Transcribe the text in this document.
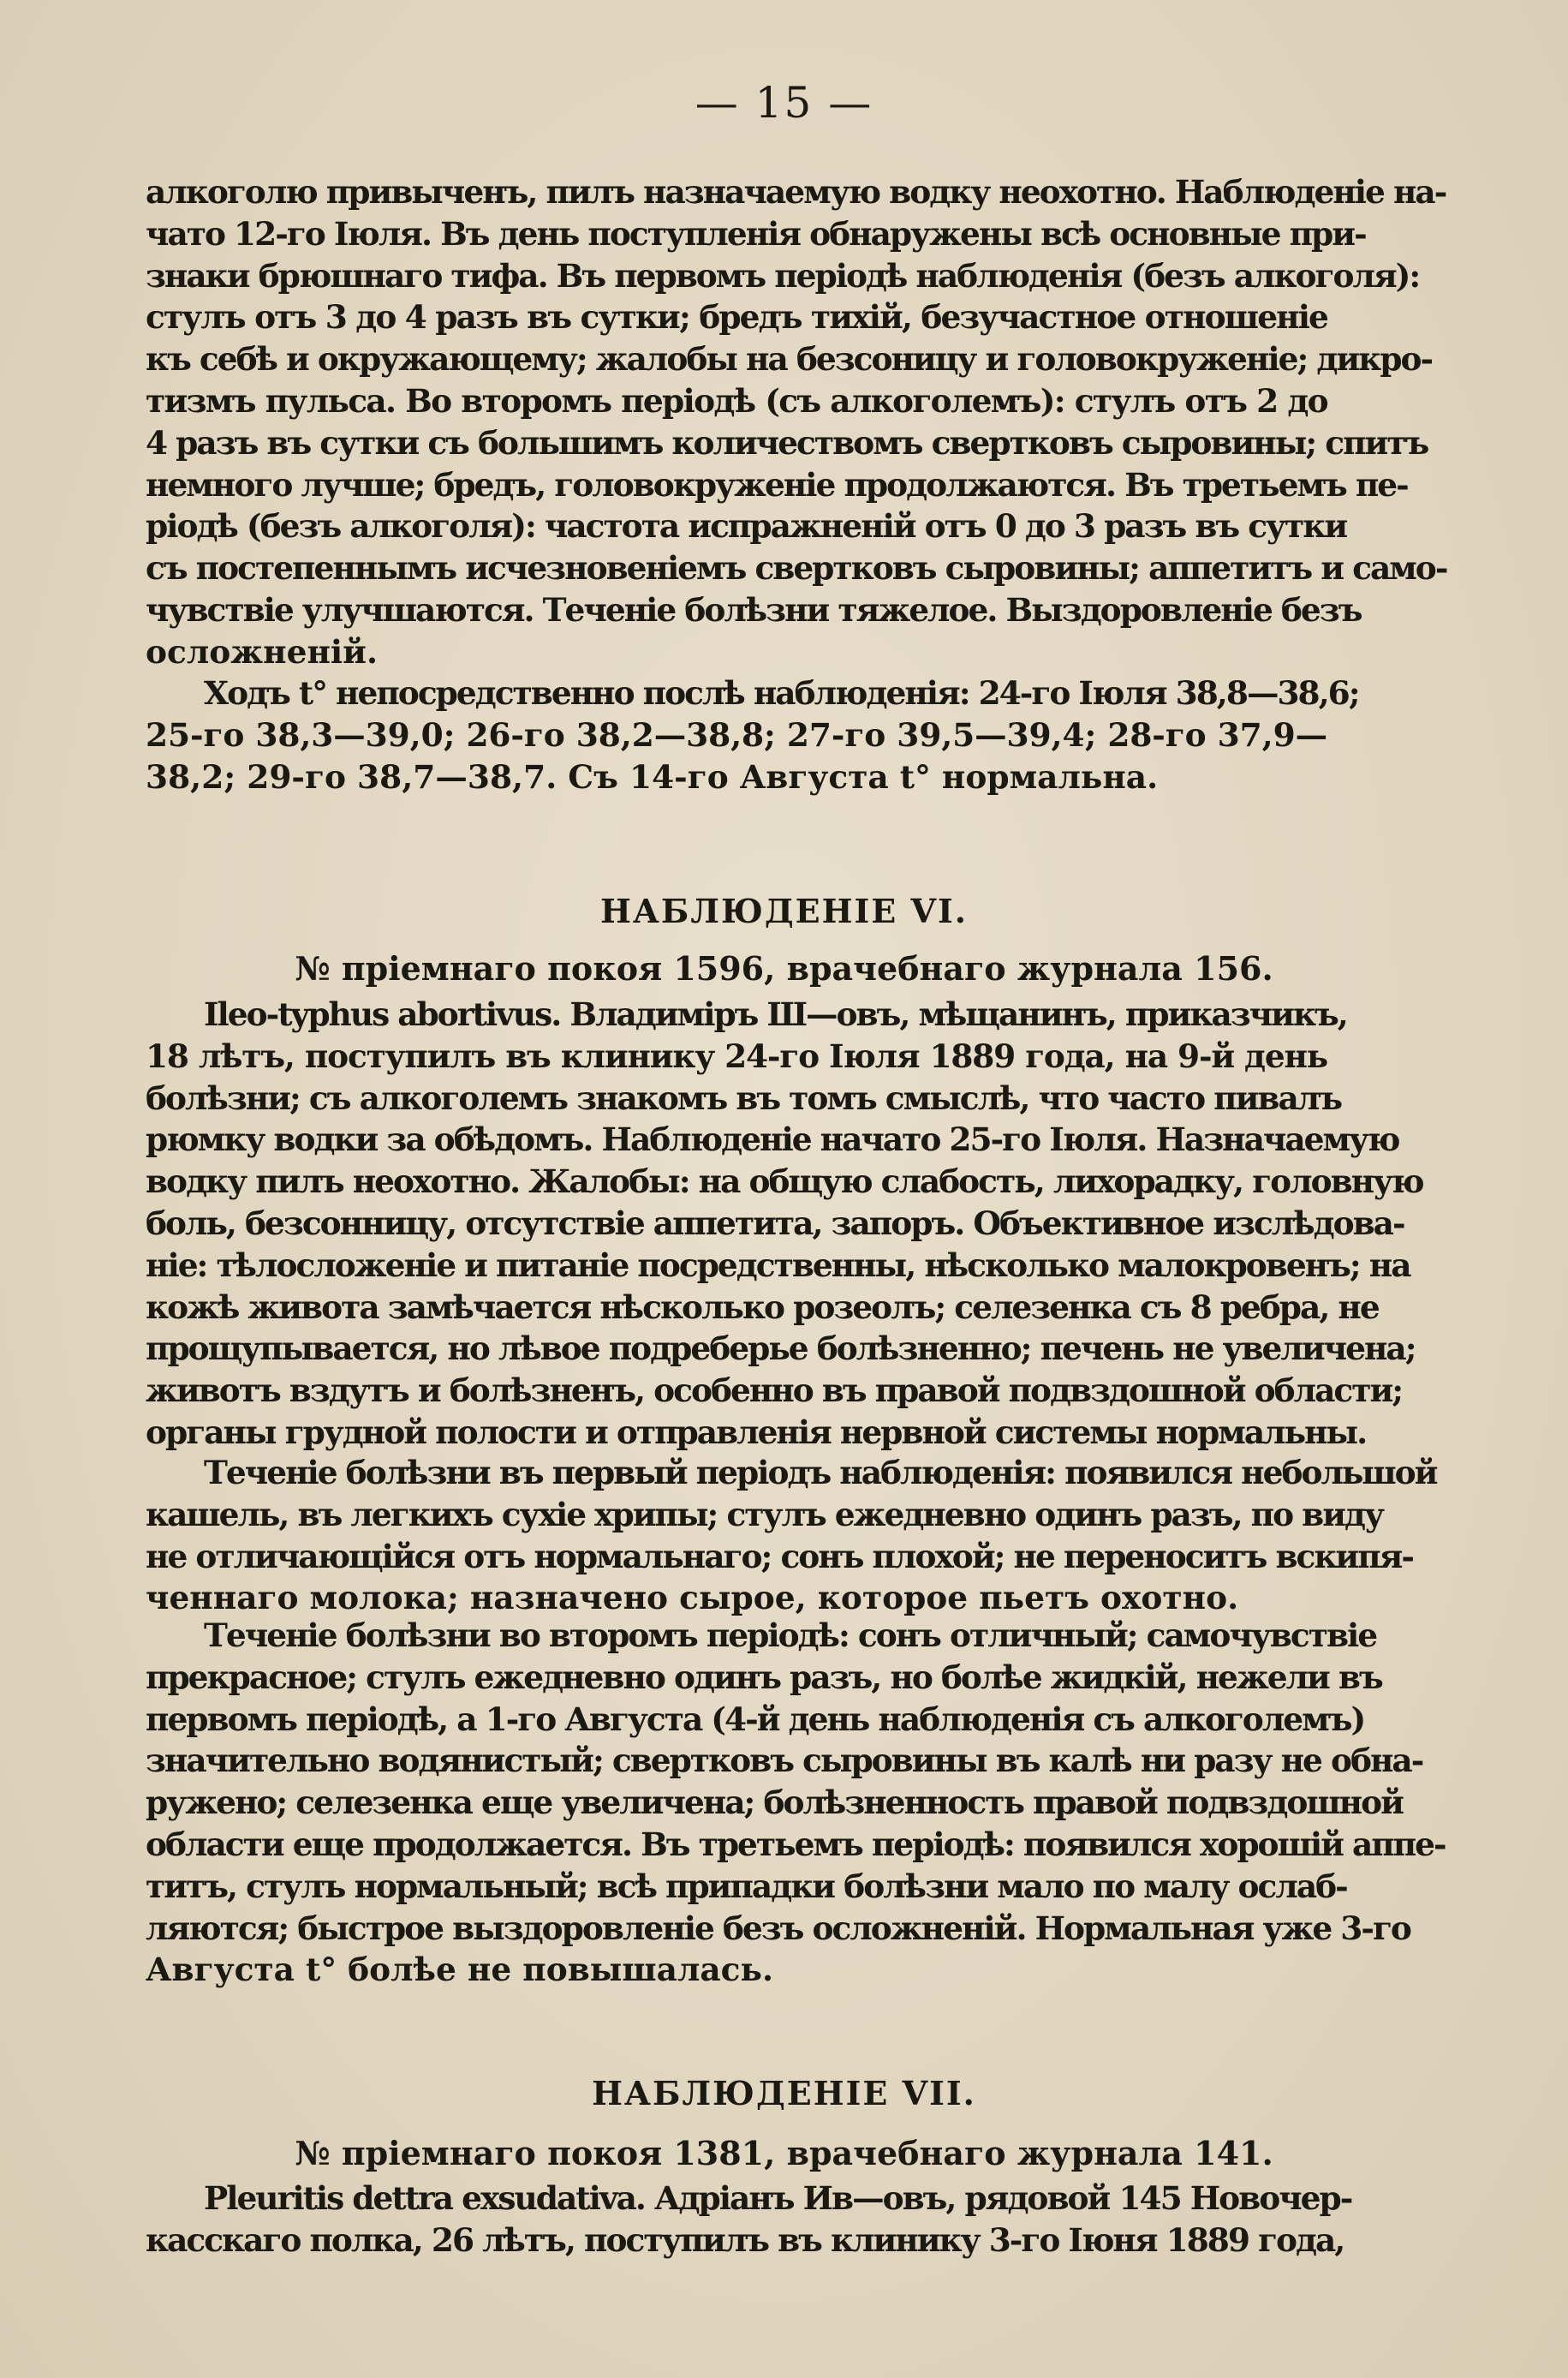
— 15 —
алкоголю привыченъ, пилъ назначаемую водку неохотно. Наблюденіе на-
чато 12-го Іюля. Въ день поступленія обнаружены всѣ основные при-
знаки брюшнаго тифа. Въ первомъ періодѣ наблюденія (безъ алкоголя):
стулъ отъ 3 до 4 разъ въ сутки; бредъ тихій, безучастное отношеніе
къ себѣ и окружающему; жалобы на безсоницу и головокруженіе; дикро-
тизмъ пульса. Во второмъ періодѣ (съ алкоголемъ): стулъ отъ 2 до
4 разъ въ сутки съ большимъ количествомъ свертковъ сыровины; спитъ
немного лучше; бредъ, головокруженіе продолжаются. Въ третьемъ пе-
ріодѣ (безъ алкоголя): частота испражненій отъ 0 до 3 разъ въ сутки
съ постепеннымъ исчезновеніемъ свертковъ сыровины; аппетитъ и само-
чувствіе улучшаются. Теченіе болѣзни тяжелое. Выздоровленіе безъ
осложненій.
Ходъ t° непосредственно послѣ наблюденія: 24-го Іюля 38,8—38,6;
25-го 38,3—39,0; 26-го 38,2—38,8; 27-го 39,5—39,4; 28-го 37,9—
38,2; 29-го 38,7—38,7. Съ 14-го Августа t° нормальна.
НАБЛЮДЕНІЕ VI.
№ пріемнаго покоя 1596, врачебнаго журнала 156.
Ileo-typhus abortivus. Владиміръ Ш—овъ, мѣщанинъ, приказчикъ,
18 лѣтъ, поступилъ въ клинику 24-го Іюля 1889 года, на 9-й день
болѣзни; съ алкоголемъ знакомъ въ томъ смыслѣ, что часто пивалъ
рюмку водки за обѣдомъ. Наблюденіе начато 25-го Іюля. Назначаемую
водку пилъ неохотно. Жалобы: на общую слабость, лихорадку, головную
боль, безсонницу, отсутствіе аппетита, запоръ. Объективное изслѣдова-
ніе: тѣлосложеніе и питаніе посредственны, нѣсколько малокровенъ; на
кожѣ живота замѣчается нѣсколько розеолъ; селезенка съ 8 ребра, не
прощупывается, но лѣвое подреберье болѣзненно; печень не увеличена;
животъ вздутъ и болѣзненъ, особенно въ правой подвздошной области;
органы грудной полости и отправленія нервной системы нормальны.
Теченіе болѣзни въ первый періодъ наблюденія: появился небольшой
кашель, въ легкихъ сухіе хрипы; стулъ ежедневно одинъ разъ, по виду
не отличающійся отъ нормальнаго; сонъ плохой; не переноситъ вскипя-
ченнаго молока; назначено сырое, которое пьетъ охотно.
Теченіе болѣзни во второмъ періодѣ: сонъ отличный; самочувствіе
прекрасное; стулъ ежедневно одинъ разъ, но болѣе жидкій, нежели въ
первомъ періодѣ, а 1-го Августа (4-й день наблюденія съ алкоголемъ)
значительно водянистый; свертковъ сыровины въ калѣ ни разу не обна-
ружено; селезенка еще увеличена; болѣзненность правой подвздошной
области еще продолжается. Въ третьемъ періодѣ: появился хорошій аппе-
титъ, стулъ нормальный; всѣ припадки болѣзни мало по малу ослаб-
ляются; быстрое выздоровленіе безъ осложненій. Нормальная уже 3-го
Августа t° болѣе не повышалась.
НАБЛЮДЕНІЕ VII.
№ пріемнаго покоя 1381, врачебнаго журнала 141.
Pleuritis dettra exsudativa. Адріанъ Ив—овъ, рядовой 145 Новочер-
касскаго полка, 26 лѣтъ, поступилъ въ клинику 3-го Іюня 1889 года,
